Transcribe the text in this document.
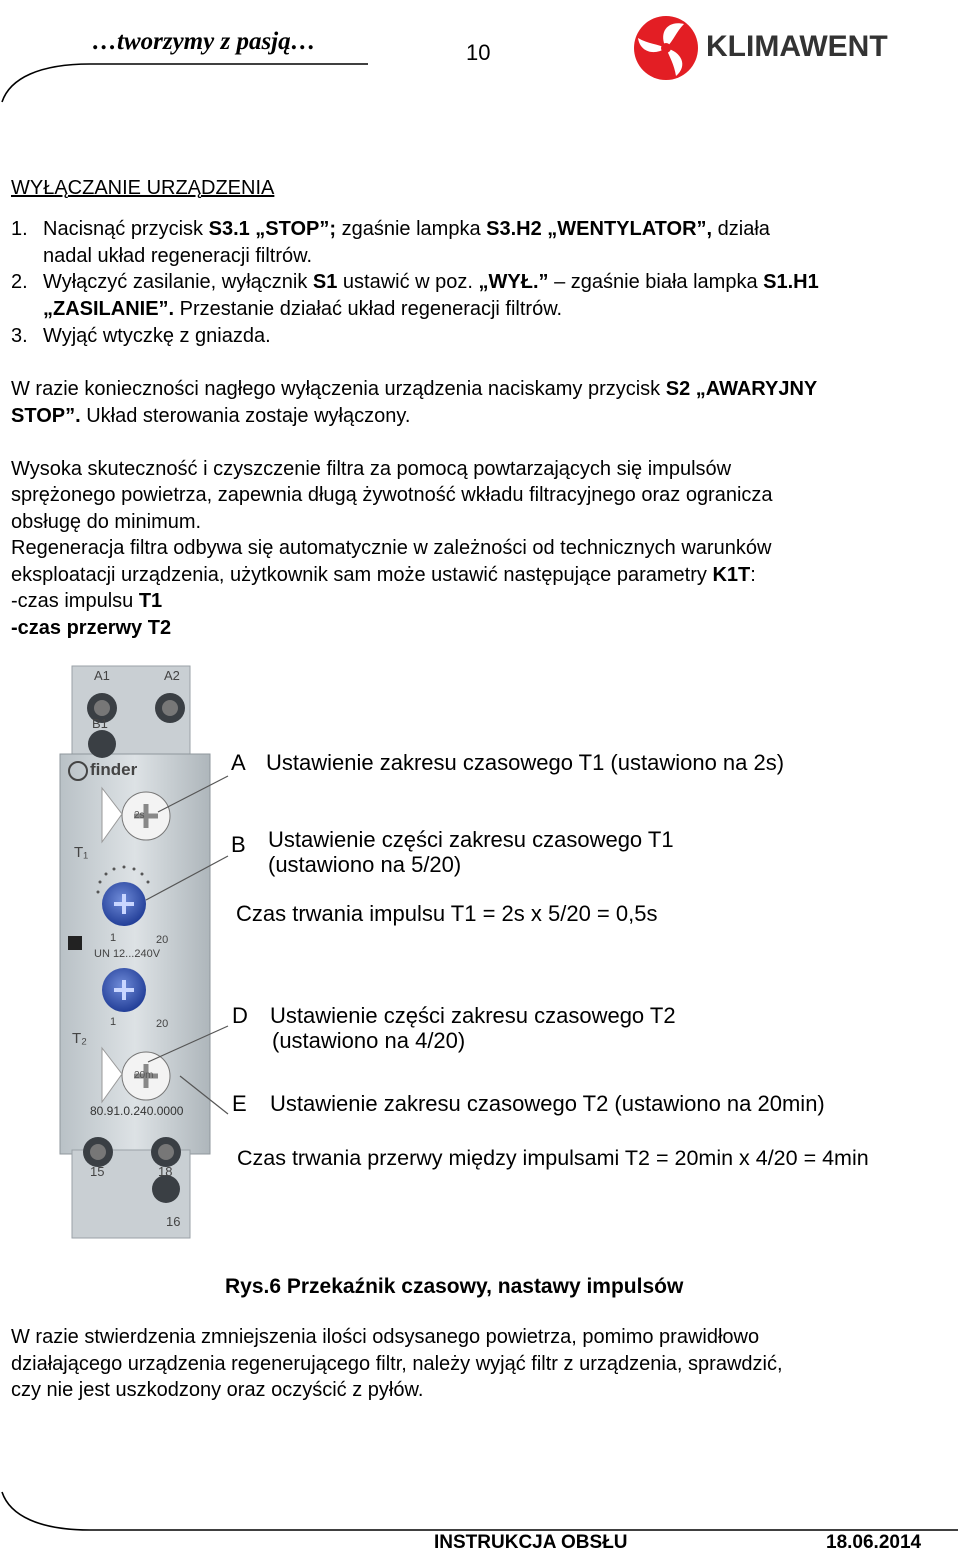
…tworzymy z pasją…	10	KLIMAWENT
WYŁĄCZANIE URZĄDZENIA
1. Nacisnąć przycisk S3.1 „STOP”; zgaśnie lampka S3.H2 „WENTYLATOR”, działa
nadal układ regeneracji filtrów.
2. Wyłączyć zasilanie, wyłącznik S1 ustawić w poz. „WYŁ.” – zgaśnie biała lampka S1.H1
„ZASILANIE”. Przestanie działać układ regeneracji filtrów.
3. Wyjąć wtyczkę z gniazda.
W razie konieczności nagłego wyłączenia urządzenia naciskamy przycisk S2 „AWARYJNY
STOP”. Układ sterowania zostaje wyłączony.
Wysoka skuteczność i czyszczenie filtra za pomocą powtarzających się impulsów
sprężonego powietrza, zapewnia długą żywotność wkładu filtracyjnego oraz ogranicza
obsługę do minimum.
Regeneracja filtra odbywa się automatycznie w zależności od technicznych warunków
eksploatacji urządzenia, użytkownik sam może ustawić następujące parametry K1T:
-czas impulsu T1
-czas przerwy T2
A1	A2
B1
finder
2s
T₁
1	20
UN 12...240V
1	20
T₂
20m
80.91.0.240.0000
15	18
16
A Ustawienie zakresu czasowego T1 (ustawiono na 2s)
B Ustawienie części zakresu czasowego T1
(ustawiono na 5/20)
Czas trwania impulsu T1 = 2s x 5/20 = 0,5s
D Ustawienie części zakresu czasowego T2
(ustawiono na 4/20)
E Ustawienie zakresu czasowego T2 (ustawiono na 20min)
Czas trwania przerwy między impulsami T2 = 20min x 4/20 = 4min
Rys.6 Przekaźnik czasowy, nastawy impulsów
W razie stwierdzenia zmniejszenia ilości odsysanego powietrza, pomimo prawidłowo
działającego urządzenia regenerującego filtr, należy wyjąć filtr z urządzenia, sprawdzić,
czy nie jest uszkodzony oraz oczyścić z pyłów.
INSTRUKCJA OBSŁU	18.06.2014
